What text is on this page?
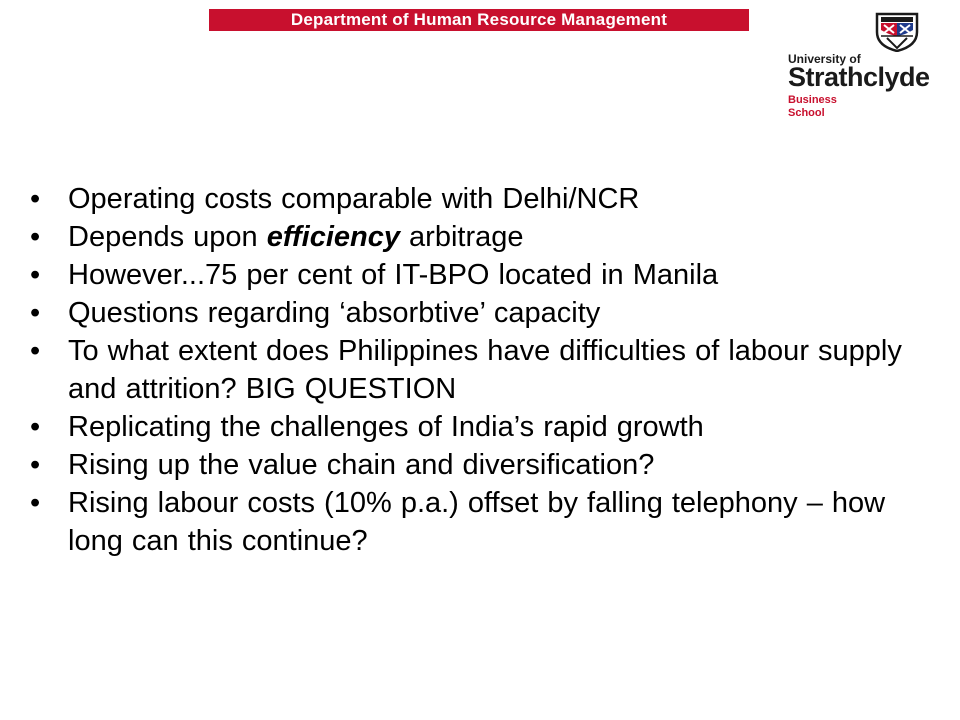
Department of Human Resource Management
University of
Strathclyde
Business
School
• Operating costs comparable with Delhi/NCR
• Depends upon efficiency arbitrage
• However...75 per cent of IT-BPO located in Manila
• Questions regarding ‘absorbtive’ capacity
• To what extent does Philippines have difficulties of labour supply and attrition? BIG QUESTION
• Replicating the challenges of India’s rapid growth
• Rising up the value chain and diversification?
• Rising labour costs (10% p.a.) offset by falling telephony – how long can this continue?
